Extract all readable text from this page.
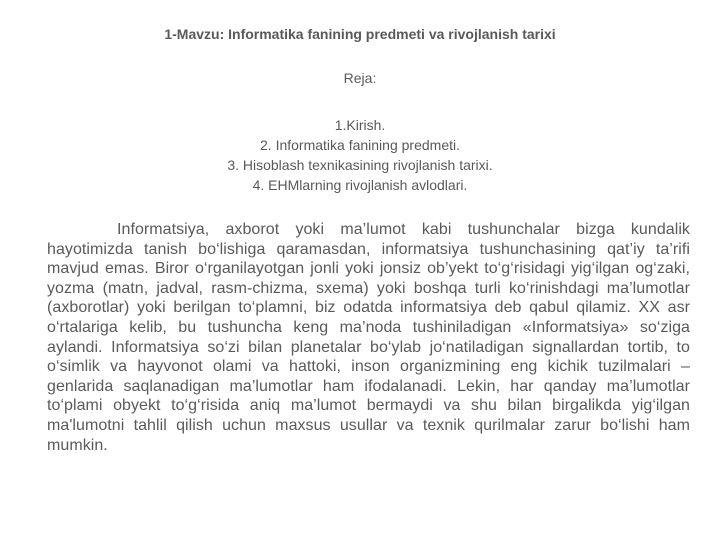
1-Mavzu: Informatika fanining predmeti va rivojlanish tarixi

Reja:

1.Kirish.
2. Informatika fanining predmeti.
3. Hisoblash texnikasining rivojlanish tarixi.
4. EHMlarning rivojlanish avlodlari.

Informatsiya, axborot yoki ma’lumot kabi tushunchalar bizga kundalik hayotimizda tanish bo‘lishiga qaramasdan, informatsiya tushunchasining qat’iy ta’rifi mavjud emas. Biror o‘rganilayotgan jonli yoki jonsiz ob’yekt to‘g‘risidagi yig‘ilgan og‘zaki, yozma (matn, jadval, rasm-chizma, sxema) yoki boshqa turli ko‘rinishdagi ma’lumotlar (axborotlar) yoki berilgan to‘plamni, biz odatda informatsiya deb qabul qilamiz. XX asr o‘rtalariga kelib, bu tushuncha keng ma’noda tushiniladigan «Informatsiya» so‘ziga aylandi. Informatsiya so‘zi bilan planetalar bo‘ylab jo‘natiladigan signallardan tortib, to o‘simlik va hayvonot olami va hattoki, inson organizmining eng kichik tuzilmalari – genlarida saqlanadigan ma’lumotlar ham ifodalanadi. Lekin, har qanday ma’lumotlar to‘plami obyekt to‘g‘risida aniq ma’lumot bermaydi va shu bilan birgalikda yig‘ilgan ma'lumotni tahlil qilish uchun maxsus usullar va texnik qurilmalar zarur bo‘lishi ham mumkin.
